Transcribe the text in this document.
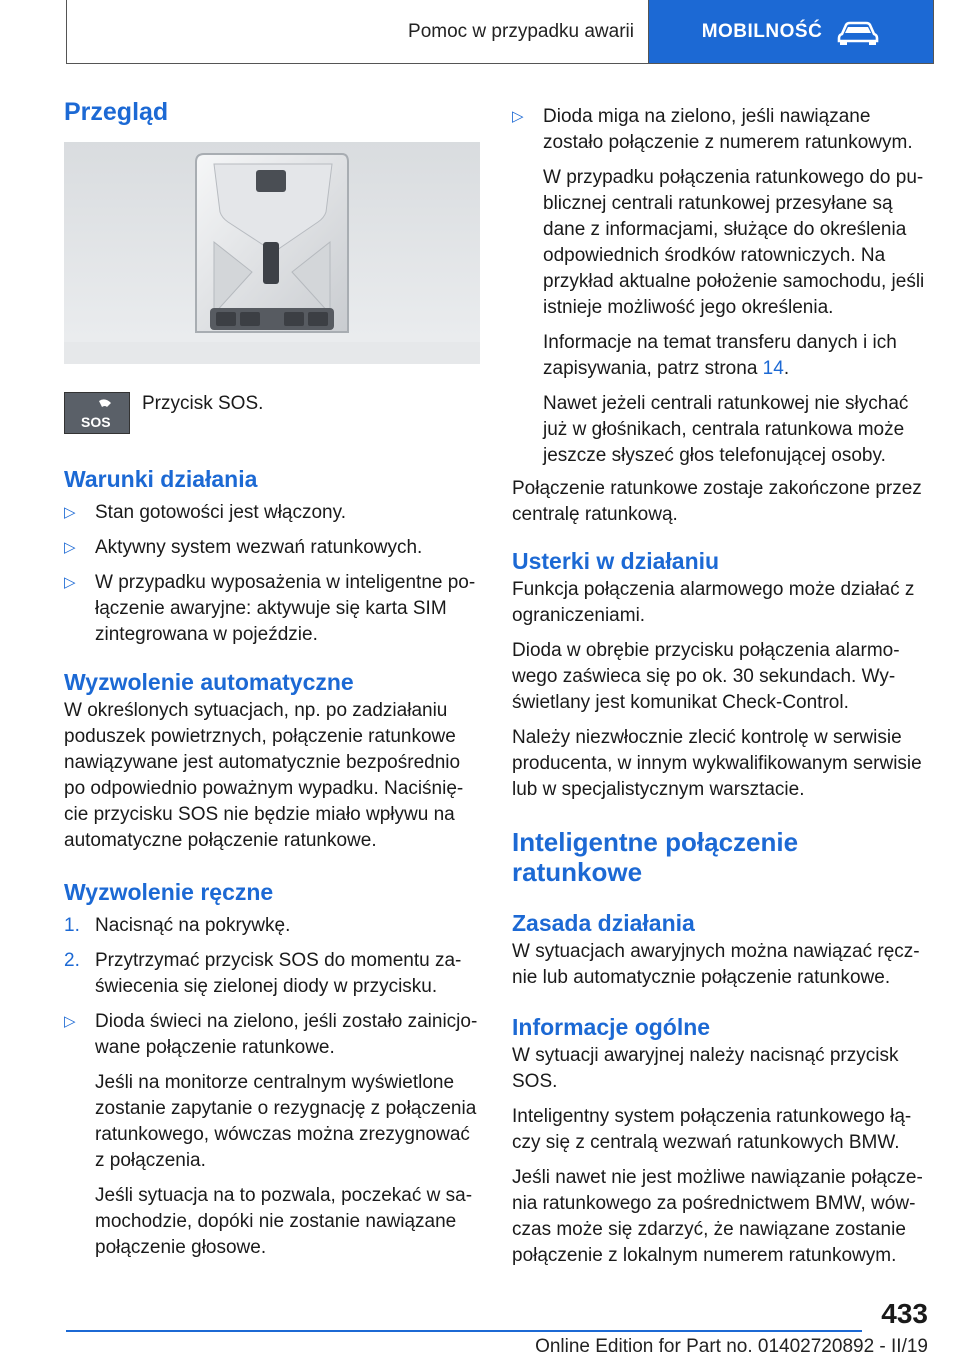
Pomoc w przypadku awarii	MOBILNOŚĆ
Przegląd
SOS

Przycisk SOS.

Warunki działania
▷ Stan gotowości jest włączony.
▷ Aktywny system wezwań ratunkowych.
▷ W przypadku wyposażenia w inteligentne połączenie awaryjne: aktywuje się karta SIM zintegrowana w pojeździe.
Wyzwolenie automatyczne

W określonych sytuacjach, np. po zadziałaniu poduszek powietrznych, połączenie ratunkowe nawiązywane jest automatycznie bezpośrednio po odpowiednio poważnym wypadku. Naciśnięcie przycisku SOS nie będzie miało wpływu na automatyczne połączenie ratunkowe.

Wyzwolenie ręczne
1. Nacisnąć na pokrywkę.
2. Przytrzymać przycisk SOS do momentu zaświecenia się zielonej diody w przycisku.
▷ Dioda świeci na zielono, jeśli zostało zainicjowane połączenie ratunkowe.

Jeśli na monitorze centralnym wyświetlone zostanie zapytanie o rezygnację z połączenia ratunkowego, wówczas można zrezygnować z połączenia.

Jeśli sytuacja na to pozwala, poczekać w samochodzie, dopóki nie zostanie nawiązane połączenie głosowe.

▷ Dioda miga na zielono, jeśli nawiązane zostało połączenie z numerem ratunkowym.

W przypadku połączenia ratunkowego do publicznej centrali ratunkowej przesyłane są dane z informacjami, służące do określenia odpowiednich środków ratowniczych. Na przykład aktualne położenie samochodu, jeśli istnieje możliwość jego określenia.

Informacje na temat transferu danych i ich zapisywania, patrz strona 14.

Nawet jeżeli centrali ratunkowej nie słychać już w głośnikach, centrala ratunkowa może jeszcze słyszeć głos telefonującej osoby.

Połączenie ratunkowe zostaje zakończone przez centralę ratunkową.

Usterki w działaniu

Funkcja połączenia alarmowego może działać z ograniczeniami.

Dioda w obrębie przycisku połączenia alarmowego zaświeca się po ok. 30 sekundach. Wyświetlany jest komunikat Check-Control.

Należy niezwłocznie zlecić kontrolę w serwisie producenta, w innym wykwalifikowanym serwisie lub w specjalistycznym warsztacie.

Inteligentne połączenie ratunkowe
Zasada działania

W sytuacjach awaryjnych można nawiązać ręcznie lub automatycznie połączenie ratunkowe.

Informacje ogólne

W sytuacji awaryjnej należy nacisnąć przycisk SOS.

Inteligentny system połączenia ratunkowego łączy się z centralą wezwań ratunkowych BMW.

Jeśli nawet nie jest możliwe nawiązanie połączenia ratunkowego za pośrednictwem BMW, wówczas może się zdarzyć, że nawiązane zostanie połączenie z lokalnym numerem ratunkowym.

433
Online Edition for Part no. 01402720892 - II/19
